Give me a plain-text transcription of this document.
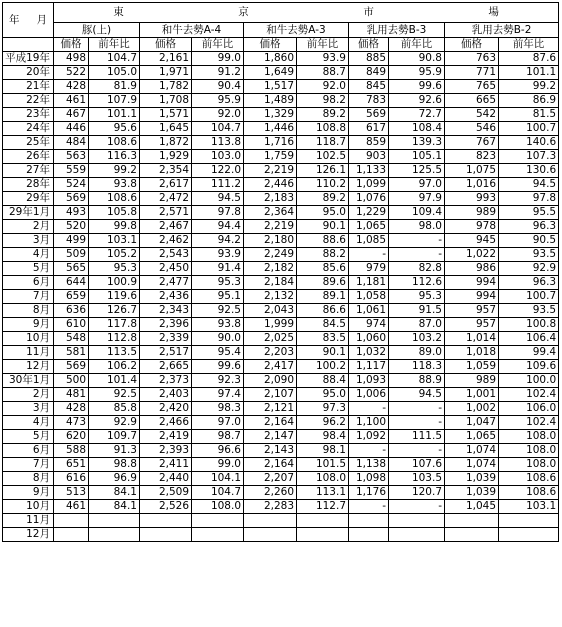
年 月	東 京 市 場									

	豚(上)		和牛去勢A-4		和牛去勢A-3		乳用去勢B-3		乳用去勢B-2	
	価格	前年比	価格	前年比	価格	前年比	価格	前年比	価格	前年比
平成19年	498	104.7	2,161	99.0	1,860	93.9	885	90.8	763	87.6
20年	522	105.0	1,971	91.2	1,649	88.7	849	95.9	771	101.1
21年	428	81.9	1,782	90.4	1,517	92.0	845	99.6	765	99.2
22年	461	107.9	1,708	95.9	1,489	98.2	783	92.6	665	86.9
23年	467	101.1	1,571	92.0	1,329	89.2	569	72.7	542	81.5
24年	446	95.6	1,645	104.7	1,446	108.8	617	108.4	546	100.7
25年	484	108.6	1,872	113.8	1,716	118.7	859	139.3	767	140.6
26年	563	116.3	1,929	103.0	1,759	102.5	903	105.1	823	107.3
27年	559	99.2	2,354	122.0	2,219	126.1	1,133	125.5	1,075	130.6
28年	524	93.8	2,617	111.2	2,446	110.2	1,099	97.0	1,016	94.5
29年	569	108.6	2,472	94.5	2,183	89.2	1,076	97.9	993	97.8
29年1月	493	105.8	2,571	97.8	2,364	95.0	1,229	109.4	989	95.5
2月	520	99.8	2,467	94.4	2,219	90.1	1,065	98.0	978	96.3
3月	499	103.1	2,462	94.2	2,180	88.6	1,085	-	945	90.5
4月	509	105.2	2,543	93.9	2,249	88.2	-	-	1,022	93.5
5月	565	95.3	2,450	91.4	2,182	85.6	979	82.8	986	92.9
6月	644	100.9	2,477	95.3	2,184	89.6	1,181	112.6	994	96.3
7月	659	119.6	2,436	95.1	2,132	89.1	1,058	95.3	994	100.7
8月	636	126.7	2,343	92.5	2,043	86.6	1,061	91.5	957	93.5
9月	610	117.8	2,396	93.8	1,999	84.5	974	87.0	957	100.8
10月	548	112.8	2,339	90.0	2,025	83.5	1,060	103.2	1,014	106.4
11月	581	113.5	2,517	95.4	2,203	90.1	1,032	89.0	1,018	99.4
12月	569	106.2	2,665	99.6	2,417	100.2	1,117	118.3	1,059	109.6
30年1月	500	101.4	2,373	92.3	2,090	88.4	1,093	88.9	989	100.0
2月	481	92.5	2,403	97.4	2,107	95.0	1,006	94.5	1,001	102.4
3月	428	85.8	2,420	98.3	2,121	97.3	-	-	1,002	106.0
4月	473	92.9	2,466	97.0	2,164	96.2	1,100	-	1,047	102.4
5月	620	109.7	2,419	98.7	2,147	98.4	1,092	111.5	1,065	108.0
6月	588	91.3	2,393	96.6	2,143	98.1	-	-	1,074	108.0
7月	651	98.8	2,411	99.0	2,164	101.5	1,138	107.6	1,074	108.0
8月	616	96.9	2,440	104.1	2,207	108.0	1,098	103.5	1,039	108.6
9月	513	84.1	2,509	104.7	2,260	113.1	1,176	120.7	1,039	108.6
10月	461	84.1	2,526	108.0	2,283	112.7	-	-	1,045	103.1
11月										
12月										
